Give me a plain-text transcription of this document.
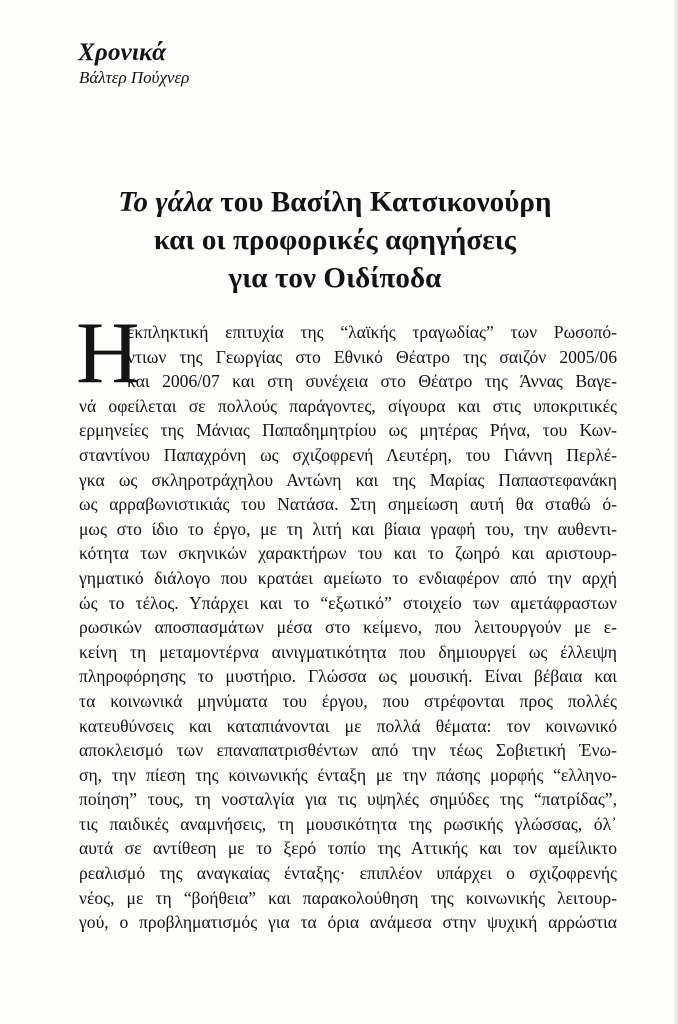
Χρονικά

Βάλτερ Πούχνερ

Το γάλα του Βασίλη Κατσικονούρη
και οι προφορικές αφηγήσεις
για τον Οιδίποδα
Η
εκπληκτική επιτυχία της “λαϊκής τραγωδίας” των Ρωσοπό-
ντιων της Γεωργίας στο Εθνικό Θέατρο της σαιζόν 2005/06
και 2006/07 και στη συνέχεια στο Θέατρο της Άννας Βαγε-
νά οφείλεται σε πολλούς παράγοντες, σίγουρα και στις υποκριτικές
ερμηνείες της Μάνιας Παπαδημητρίου ως μητέρας Ρήνα, του Κων-
σταντίνου Παπαχρόνη ως σχιζοφρενή Λευτέρη, του Γιάννη Περλέ-
γκα ως σκληροτράχηλου Αντώνη και της Μαρίας Παπαστεφανάκη
ως αρραβωνιστικιάς του Νατάσα. Στη σημείωση αυτή θα σταθώ ό-
μως στο ίδιο το έργο, με τη λιτή και βίαια γραφή του, την αυθεντι-
κότητα των σκηνικών χαρακτήρων του και το ζωηρό και αριστουρ-
γηματικό διάλογο που κρατάει αμείωτο το ενδιαφέρον από την αρχή
ώς το τέλος. Υπάρχει και το “εξωτικό” στοιχείο των αμετάφραστων
ρωσικών αποσπασμάτων μέσα στο κείμενο, που λειτουργούν με ε-
κείνη τη μεταμοντέρνα αινιγματικότητα που δημιουργεί ως έλλειψη
πληροφόρησης το μυστήριο. Γλώσσα ως μουσική. Είναι βέβαια και
τα κοινωνικά μηνύματα του έργου, που στρέφονται προς πολλές
κατευθύνσεις και καταπιάνονται με πολλά θέματα: τον κοινωνικό
αποκλεισμό των επαναπατρισθέντων από την τέως Σοβιετική Ένω-
ση, την πίεση της κοινωνικής ένταξη με την πάσης μορφής “ελληνο-
ποίηση” τους, τη νοσταλγία για τις υψηλές σημύδες της “πατρίδας”,
τις παιδικές αναμνήσεις, τη μουσικότητα της ρωσικής γλώσσας, όλ᾽
αυτά σε αντίθεση με το ξερό τοπίο της Αττικής και τον αμείλικτο
ρεαλισμό της αναγκαίας ένταξης· επιπλέον υπάρχει ο σχιζοφρενής
νέος, με τη “βοήθεια” και παρακολούθηση της κοινωνικής λειτουρ-
γού, ο προβληματισμός για τα όρια ανάμεσα στην ψυχική αρρώστια
